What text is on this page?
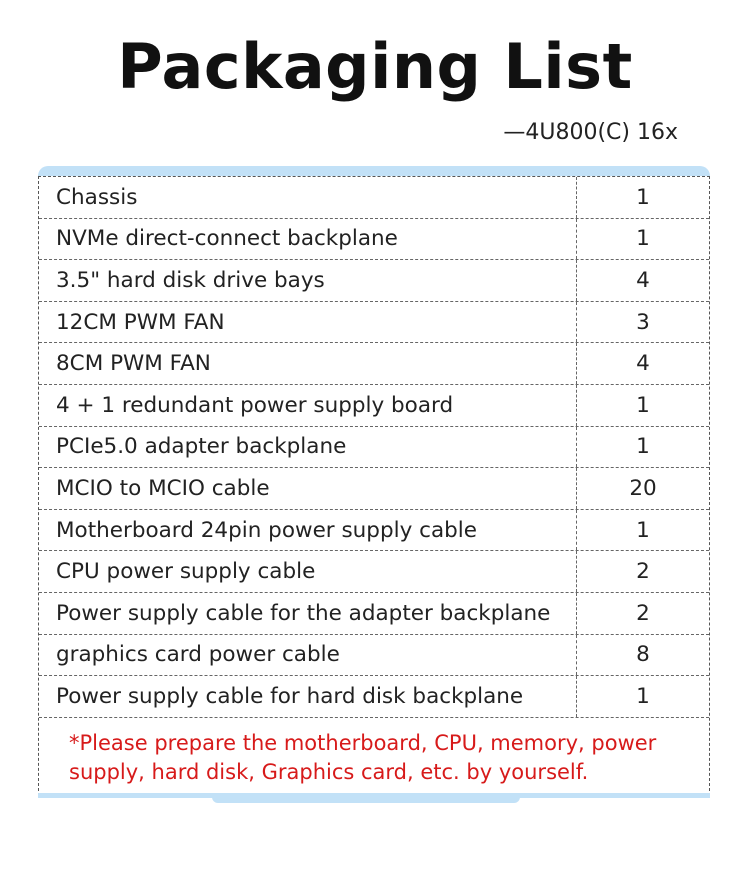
Packaging List
—4U800(C) 16x
Chassis	1
NVMe direct-connect backplane	1
3.5" hard disk drive bays	4
12CM PWM FAN	3
8CM PWM FAN	4
4 + 1 redundant power supply board	1
PCIe5.0 adapter backplane	1
MCIO to MCIO cable	20
Motherboard 24pin power supply cable	1
CPU power supply cable	2
Power supply cable for the adapter backplane	2
graphics card power cable	8
Power supply cable for hard disk backplane	1
*Please prepare the motherboard, CPU, memory, power supply, hard disk, Graphics card, etc. by yourself.
